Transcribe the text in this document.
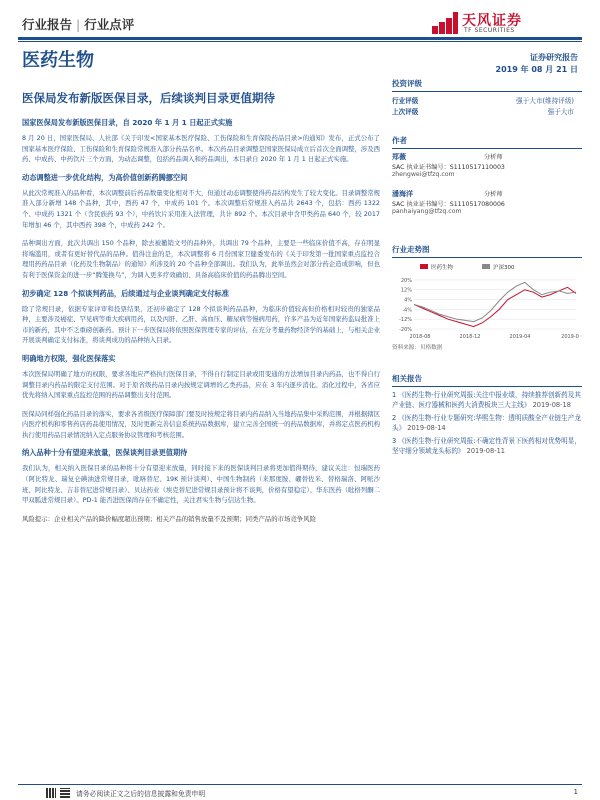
行业报告 | 行业点评	天风证券
TF SECURITIES
医药生物	证券研究报告
2019 年 08 月 21 日
医保局发布新版医保目录，后续谈判目录更值期待
国家医保局发布新版医保目录，自 2020 年 1 月 1 日起正式实施
8 月 20 日，国家医保局、人社部《关于印发<国家基本医疗保险、工伤保险和生育保险药品目录>的通知》发布，正式公布了国家基本医疗保险、工伤保险和生育保险常规准入部分药品名单。本次药品目录调整是国家医保局成立后首次全面调整，涉及西药、中成药、中药饮片三个方面，为动态调整，包括药品调入和药品调出，本目录自 2020 年 1 月 1 日起正式实施。
动态调整进一步优化结构，为高价值创新药腾挪空间
从此次常规准入的品种看，本次调整前后药品数量变化相对不大，但通过动态调整使得药品结构发生了较大变化。目录调整常规准入部分新增 148 个品种，其中，西药 47 个，中成药 101 个。本次调整后常规准入药品共 2643 个，包括：西药 1322 个、中成药 1321 个（含民族药 93 个），中药饮片采用准入法管理，共计 892 个。本次目录中含甲类药品 640 个，较 2017 年增加 46 个，其中西药 398 个，中成药 242 个。
品种调出方面，此次共调出 150 个品种，除去被撤销文号的品种外，共调出 79 个品种，主要是一些临床价值不高，存在明显将端滥用，或者有更好替代品的品种。值得注意的是，本次调整将 6 月份国家卫健委发布的《关于印发第一批国家重点监控合理用药药品目录（化药及生物制品）的通知》所涉及的 20 个品种全部调出。我们认为，此举虽然会对部分药企造成影响，但也有利于医保资金的进一步“腾笼换鸟”，为调入更多疗效确切、具备高临床价值的药品腾出空间。
初步确定 128 个拟谈判药品，后续通过与企业谈判确定支付标准
除了常规目录，依据专家评审和投票结果，还初步确定了 128 个拟谈判药品品种，为临床价值较高但价格相对较贵的独家品种，主要涉及癌症、罕见病等重大疾病用药，以及丙肝、乙肝、高血压、糖尿病等慢病用药，许多产品为近年国家药监局批准上市的新药，其中不乏重磅创新药。预计下一步医保局将依照医保管理专家的评估，在充分考量药物经济学的基础上，与相关企业开展谈判确定支付标准，将谈判成功的品种纳入目录。
明确地方权限，强化医保落实
本次医保局明确了地方的权限，要求各地应严格执行医保目录，不得自行制定目录或用变通的方法增加目录内药品，也不得自行调整目录内药品的限定支付范围。对于原省级药品目录内按规定调增的乙类药品，应在 3 年内逐步消化。消化过程中，各省应优先将纳入国家重点监控范围的药品调整出支付范围。
医保局同样强化药品目录的落实，要求各省级医疗保障部门要及时按规定将目录内药品纳入当地药品集中采购范围，并根据辖区内医疗机构和零售药店药品使用情况，及时更新完善信息系统药品数据库，建立完善全国统一的药品数据库，并将定点医药机构执行使用药品目录情况纳入定点服务协议管理和考核范围。
纳入品种十分有望迎来放量，医保谈判目录更值期待
我们认为，相关纳入医保目录的品种将十分有望迎来放量，同时接下来的医保谈判目录将更加值得期待，建议关注：恒瑞医药（阿比特龙、瑞复仑碘油进常规目录，吡咯替尼、19K 预计谈判）、中国生物制药（来那度胺、硼替佐米、替格瑞洛、阿哌沙班、阿比特龙、吉非替尼进常规目录）、贝达药业（埃克替尼进常规目录预计将不谈判，价格有望稳定）、华东医药（吡格列酮二甲双胍进常规目录）。PD-1 能否进医保尚存在不确定性，关注君实生物与信达生物。
风险提示：企业相关产品的降价幅度超出预期；相关产品的销售放量不及预期；同类产品的市场竞争风险
投资评级
行业评级	强于大市(维持评级)
上次评级	强于大市
作者
郑薇	分析师
SAC 执业证书编号：S1110517110003
zhengwei@tfzq.com
潘海洋	分析师
SAC 执业证书编号：S1110517080006
panhaiyang@tfzq.com
行业走势图
医药生物	沪深300
-20%
-12%
-4%
4%
12%
20%
2018-08	2018-12	2019-04	2019-0
资料来源：贝格数据
相关报告
1 《医药生物-行业研究周报:关注中报业绩，持续推荐创新药及其产业链、医疗器械和医药大消费板块三大主线》 2019-08-18
2 《医药生物-行业专题研究:华熙生物：透明质酸全产业链生产龙头》 2019-08-14
3 《医药生物-行业研究周报:不确定性背景下医药相对优势明显，坚守细分领域龙头标的》 2019-08-11
请务必阅读正文之后的信息披露和免责申明	1
